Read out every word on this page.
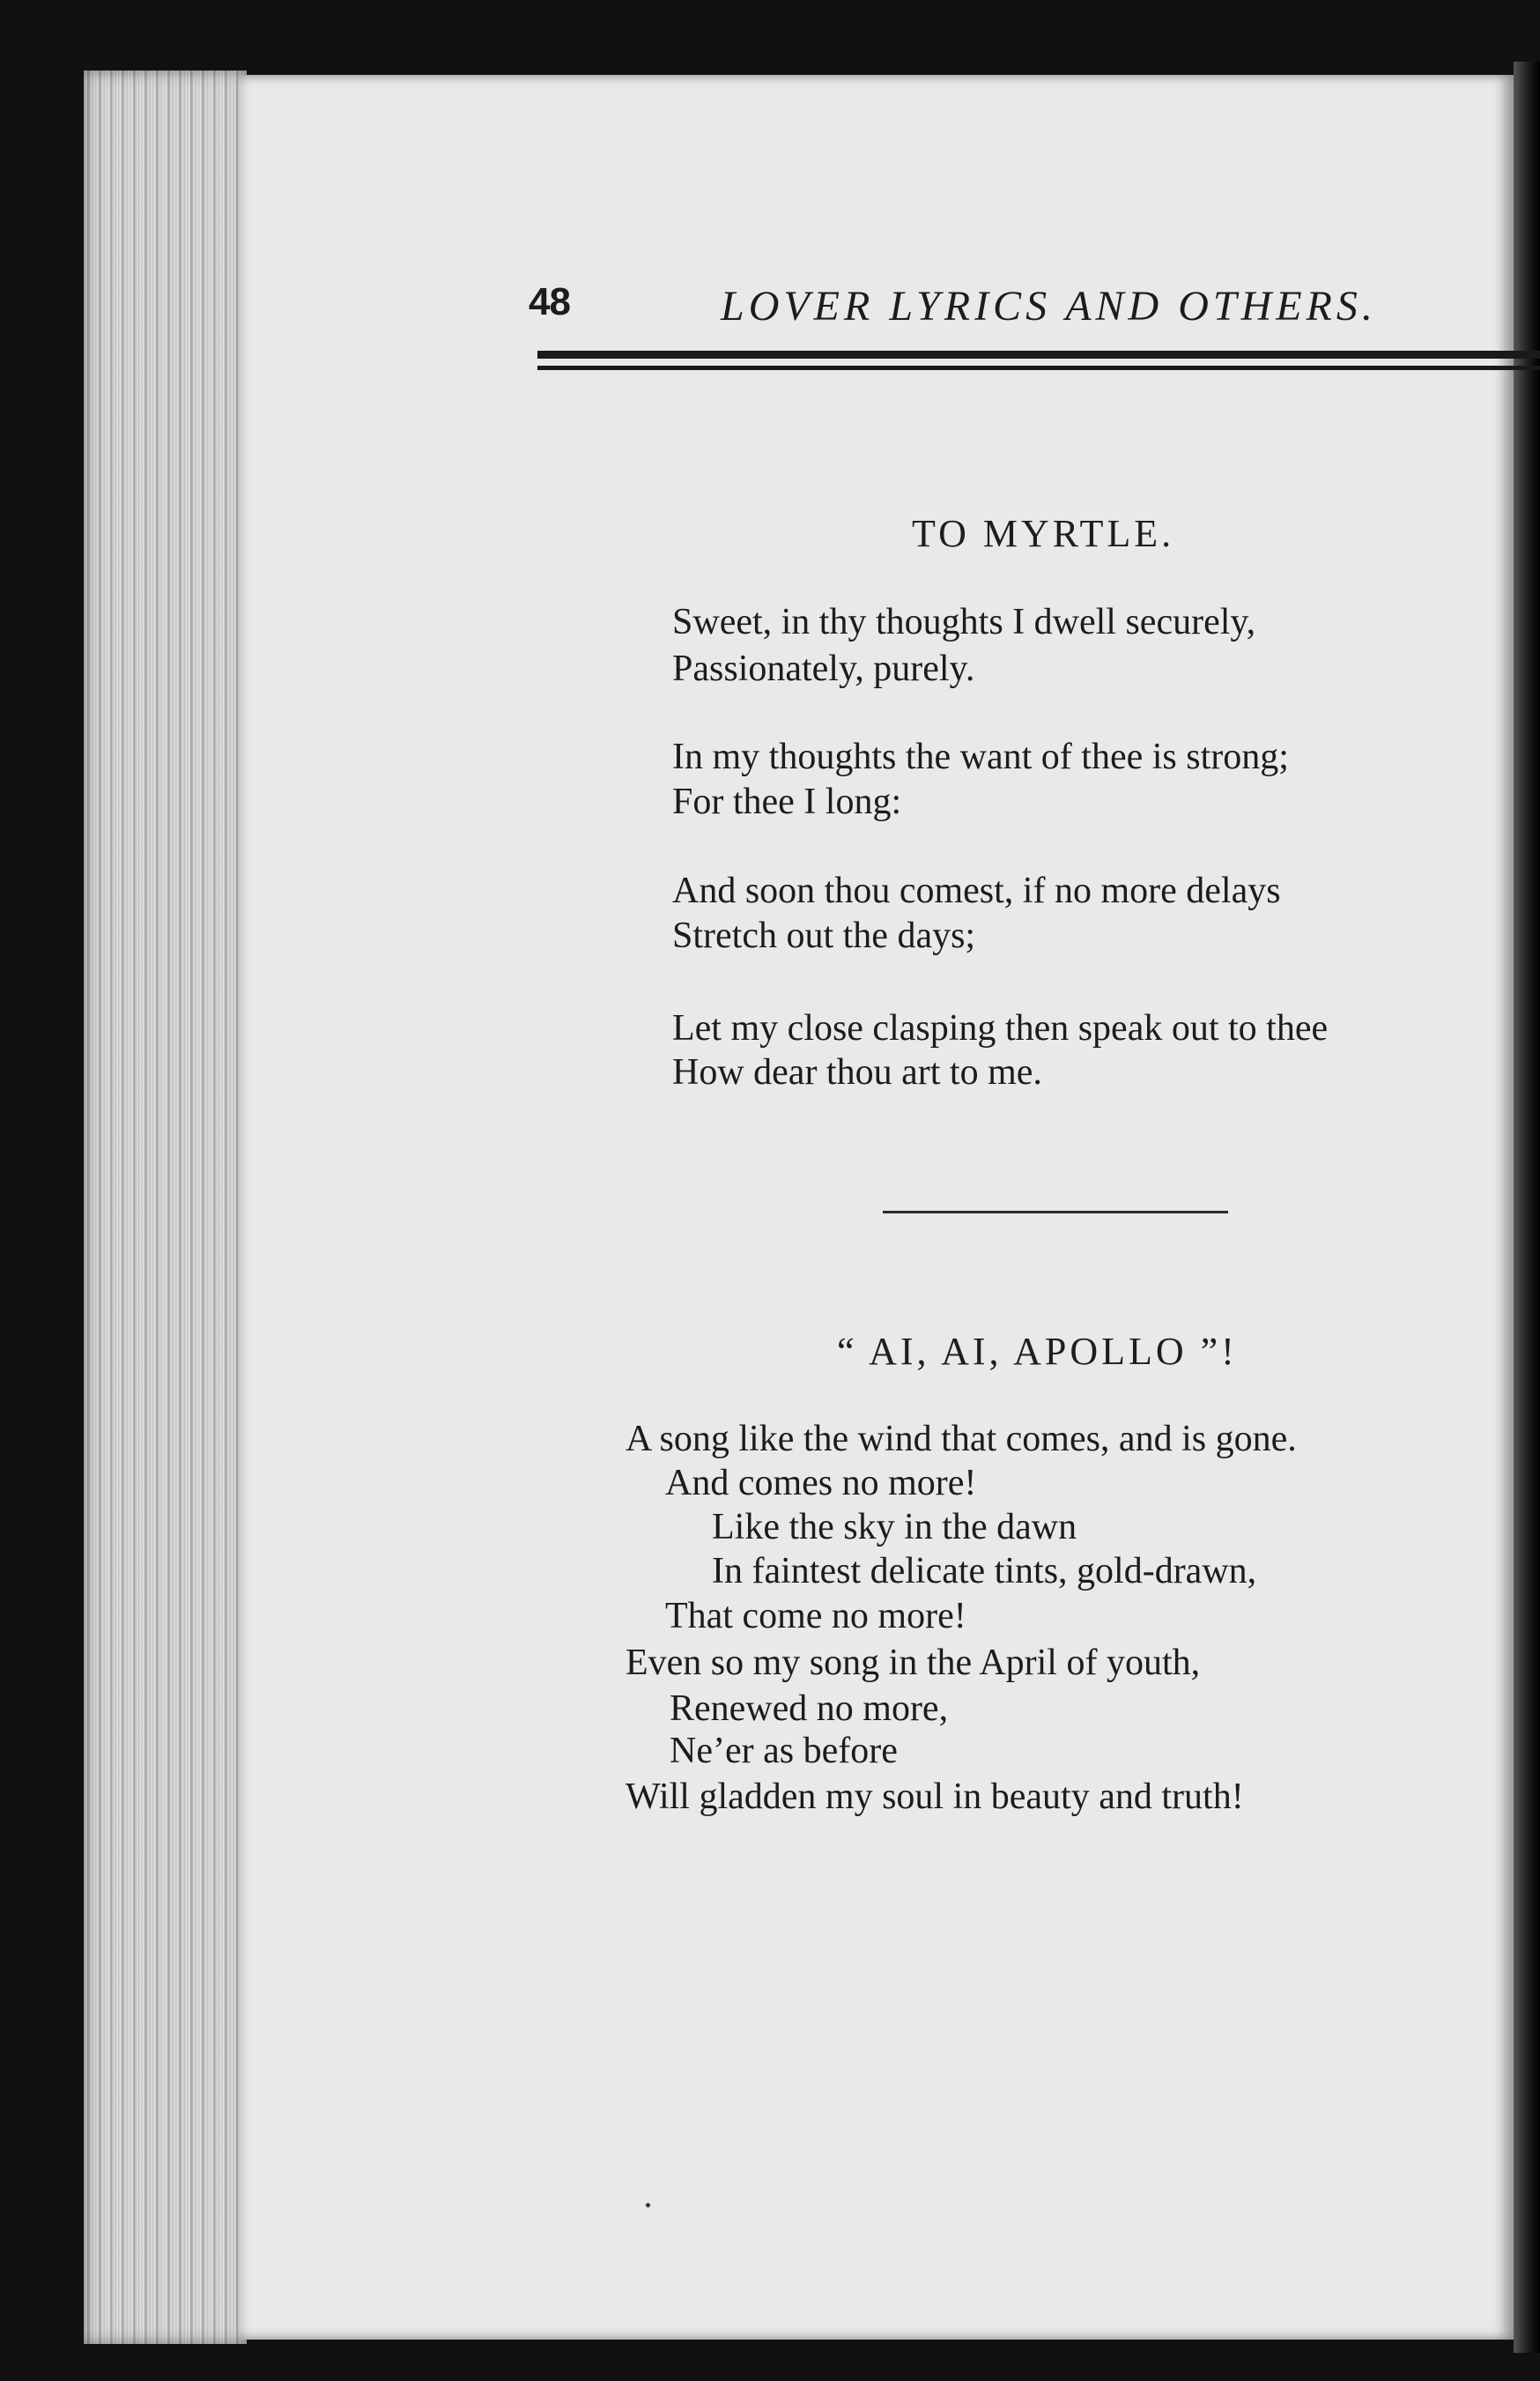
48	LOVER LYRICS AND OTHERS.
TO MYRTLE.
Sweet, in thy thoughts I dwell securely,
Passionately, purely.
In my thoughts the want of thee is strong;
For thee I long:
And soon thou comest, if no more delays
Stretch out the days;
Let my close clasping then speak out to thee
How dear thou art to me.
“ AI, AI, APOLLO ”!
A song like the wind that comes, and is gone.
And comes no more!
Like the sky in the dawn
In faintest delicate tints, gold-drawn,
That come no more!
Even so my song in the April of youth,
Renewed no more,
Ne’er as before
Will gladden my soul in beauty and truth!
